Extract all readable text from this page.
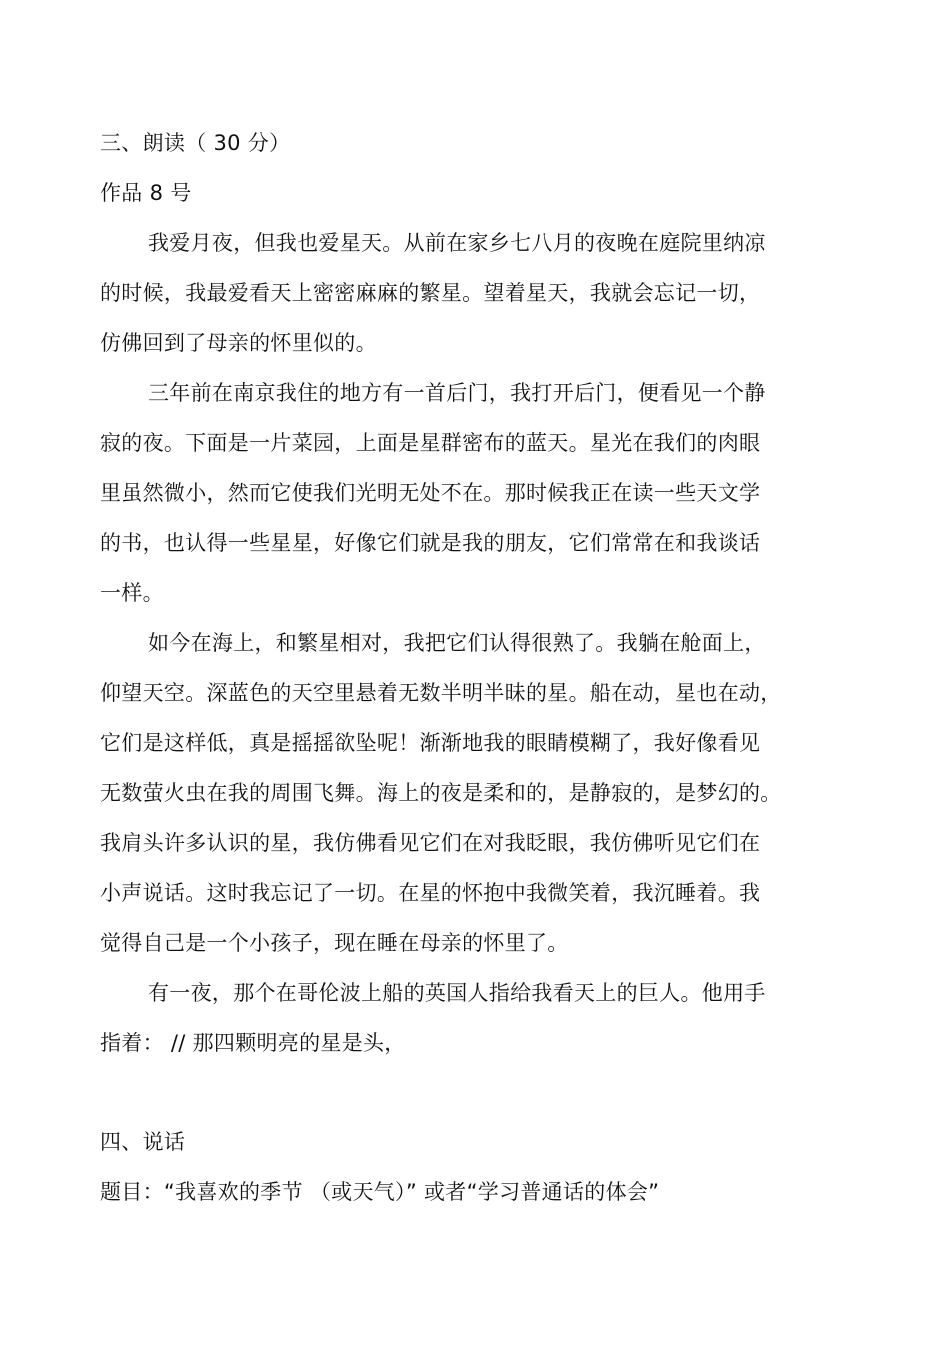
三、朗读（ 30 分）
作品 8 号
我爱月夜，但我也爱星天。从前在家乡七八月的夜晚在庭院里纳凉
的时候，我最爱看天上密密麻麻的繁星。望着星天，我就会忘记一切，
仿佛回到了母亲的怀里似的。
三年前在南京我住的地方有一首后门，我打开后门，便看见一个静
寂的夜。下面是一片菜园，上面是星群密布的蓝天。星光在我们的肉眼
里虽然微小，然而它使我们光明无处不在。那时候我正在读一些天文学
的书，也认得一些星星，好像它们就是我的朋友，它们常常在和我谈话
一样。
如今在海上，和繁星相对，我把它们认得很熟了。我躺在舱面上，
仰望天空。深蓝色的天空里悬着无数半明半昧的星。船在动，星也在动，
它们是这样低，真是摇摇欲坠呢！渐渐地我的眼睛模糊了，我好像看见
无数萤火虫在我的周围飞舞。海上的夜是柔和的，是静寂的，是梦幻的。
我肩头许多认识的星，我仿佛看见它们在对我眨眼，我仿佛听见它们在
小声说话。这时我忘记了一切。在星的怀抱中我微笑着，我沉睡着。我
觉得自己是一个小孩子，现在睡在母亲的怀里了。
有一夜，那个在哥伦波上船的英国人指给我看天上的巨人。他用手
指着： // 那四颗明亮的星是头，
四、说话
题目：“我喜欢的季节 （或天气）” 或者“学习普通话的体会”
